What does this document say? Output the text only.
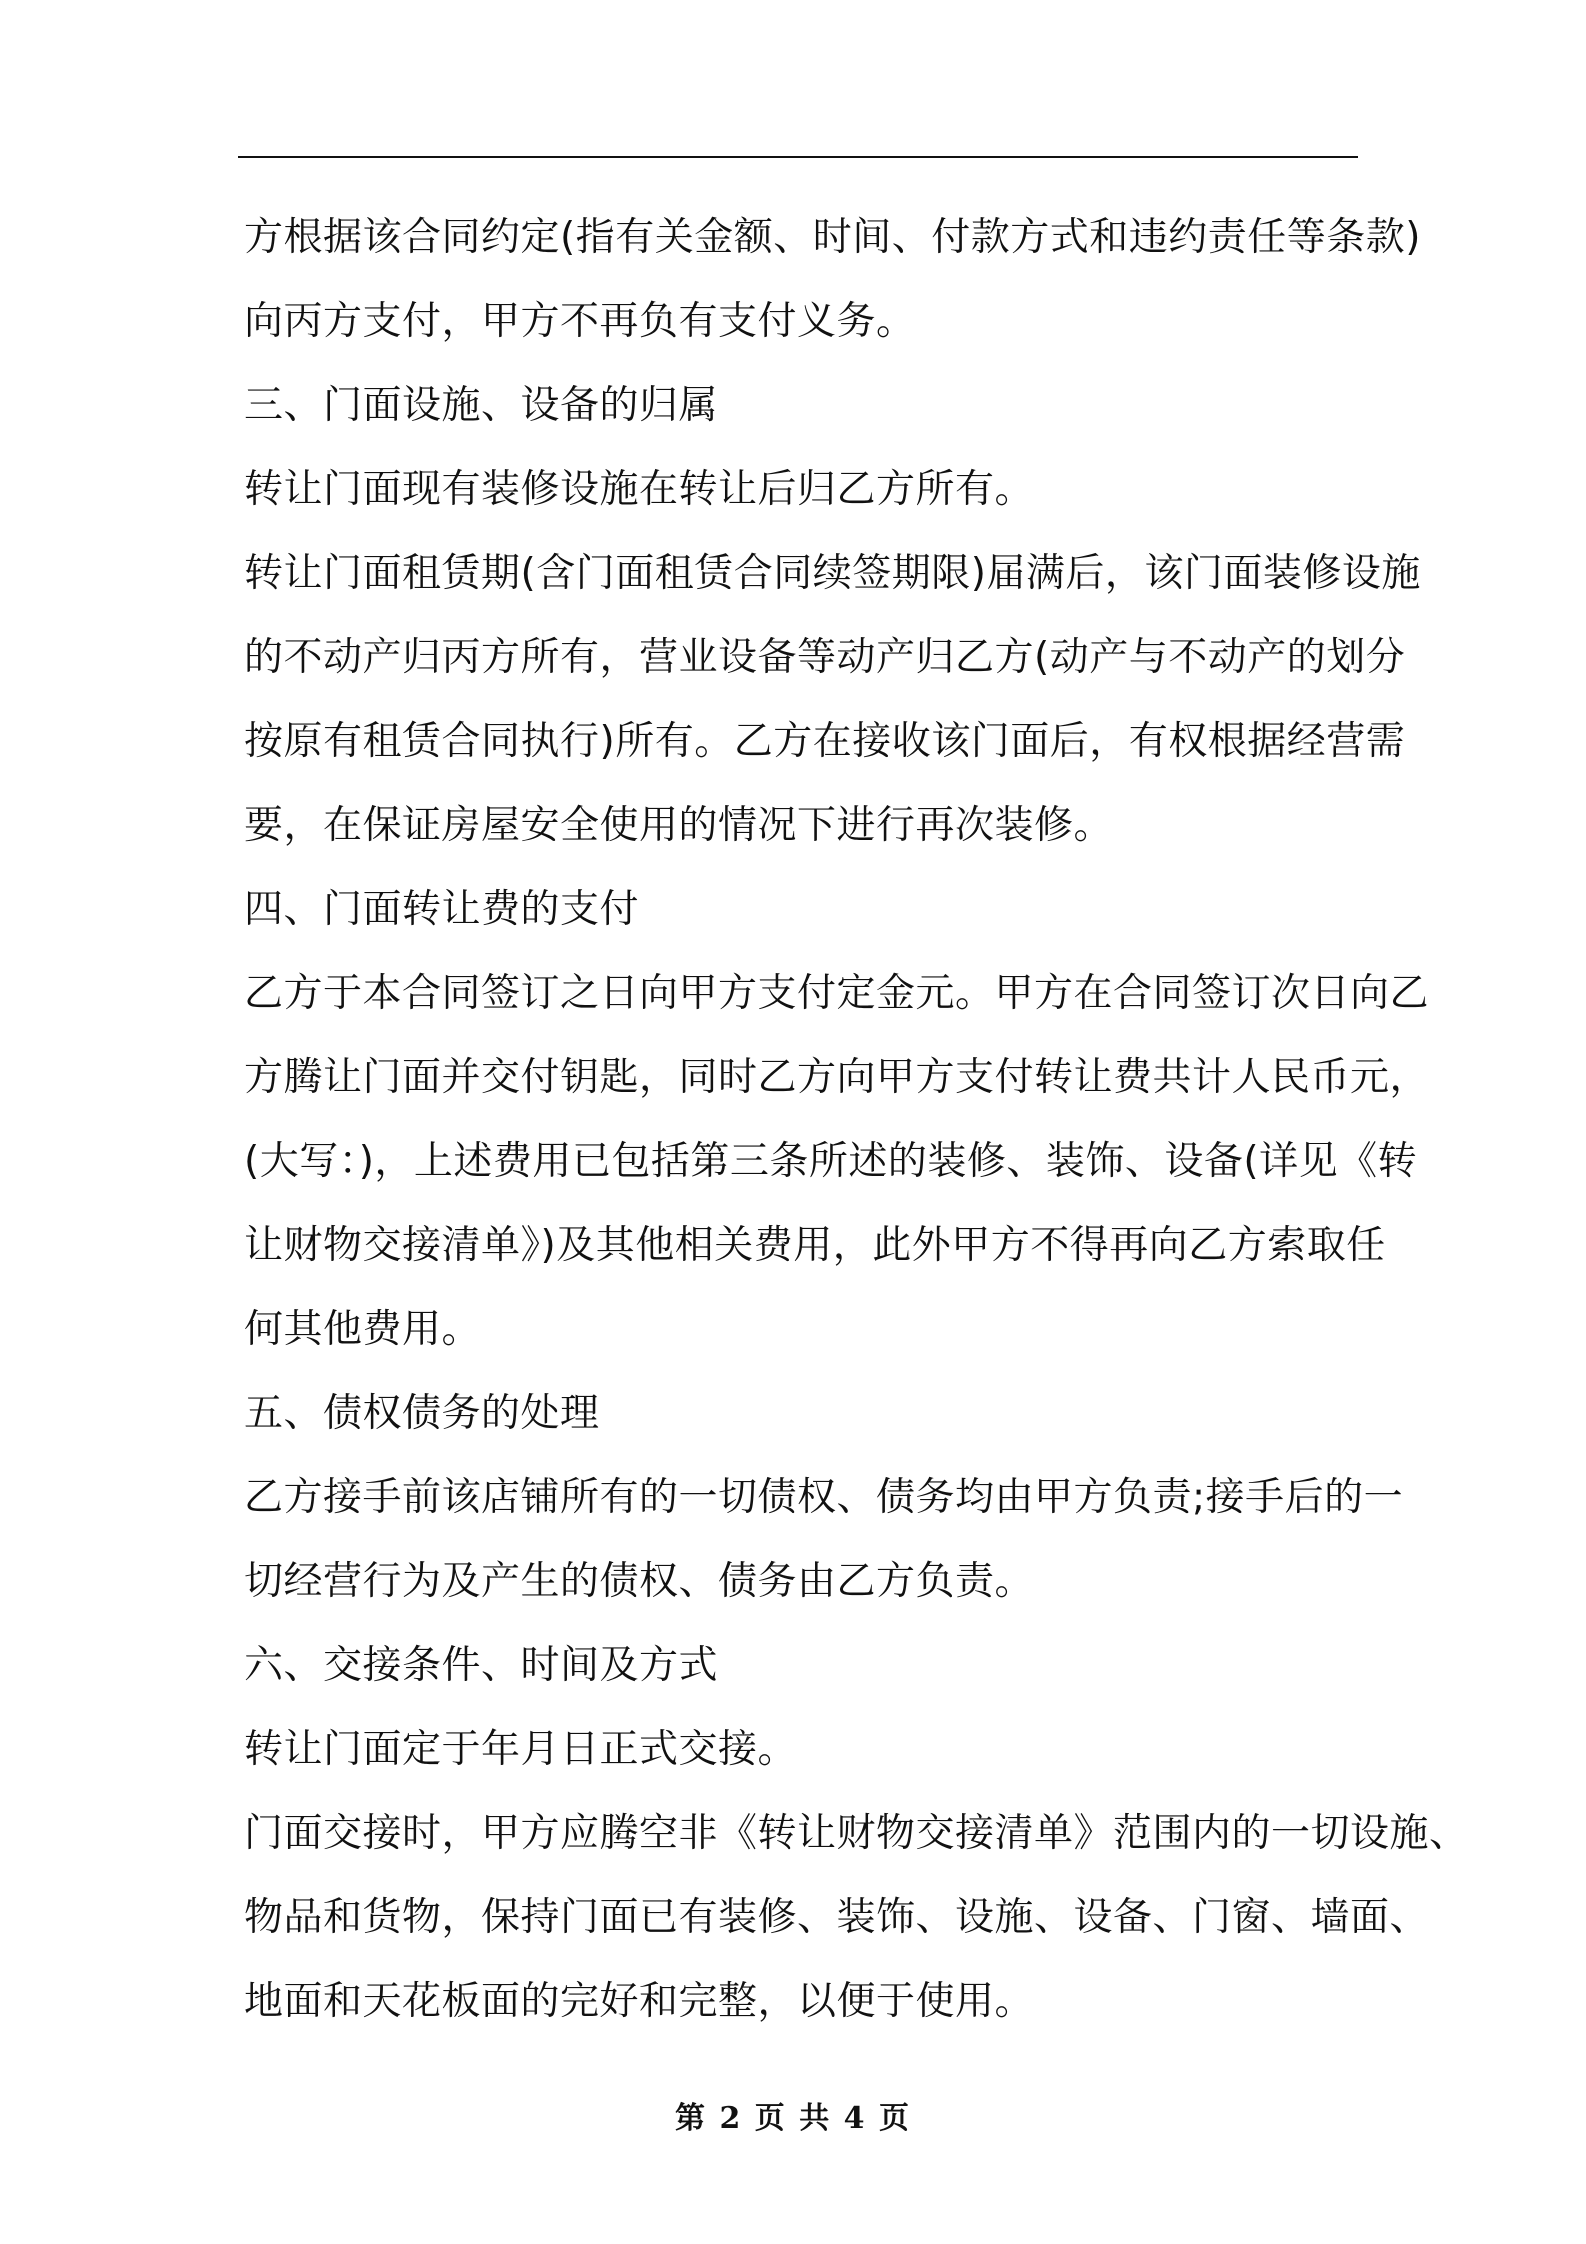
方根据该合同约定(指有关金额、时间、付款方式和违约责任等条款)
向丙方支付，甲方不再负有支付义务。
三、门面设施、设备的归属
转让门面现有装修设施在转让后归乙方所有。
转让门面租赁期(含门面租赁合同续签期限)届满后，该门面装修设施
的不动产归丙方所有，营业设备等动产归乙方(动产与不动产的划分
按原有租赁合同执行)所有。乙方在接收该门面后，有权根据经营需
要，在保证房屋安全使用的情况下进行再次装修。
四、门面转让费的支付
乙方于本合同签订之日向甲方支付定金元。甲方在合同签订次日向乙
方腾让门面并交付钥匙，同时乙方向甲方支付转让费共计人民币元，
(大写：)，上述费用已包括第三条所述的装修、装饰、设备(详见《转
让财物交接清单》)及其他相关费用，此外甲方不得再向乙方索取任
何其他费用。
五、债权债务的处理
乙方接手前该店铺所有的一切债权、债务均由甲方负责;接手后的一
切经营行为及产生的债权、债务由乙方负责。
六、交接条件、时间及方式
转让门面定于年月日正式交接。
门面交接时，甲方应腾空非《转让财物交接清单》范围内的一切设施、
物品和货物，保持门面已有装修、装饰、设施、设备、门窗、墙面、
地面和天花板面的完好和完整，以便于使用。
第 2 页 共 4 页
